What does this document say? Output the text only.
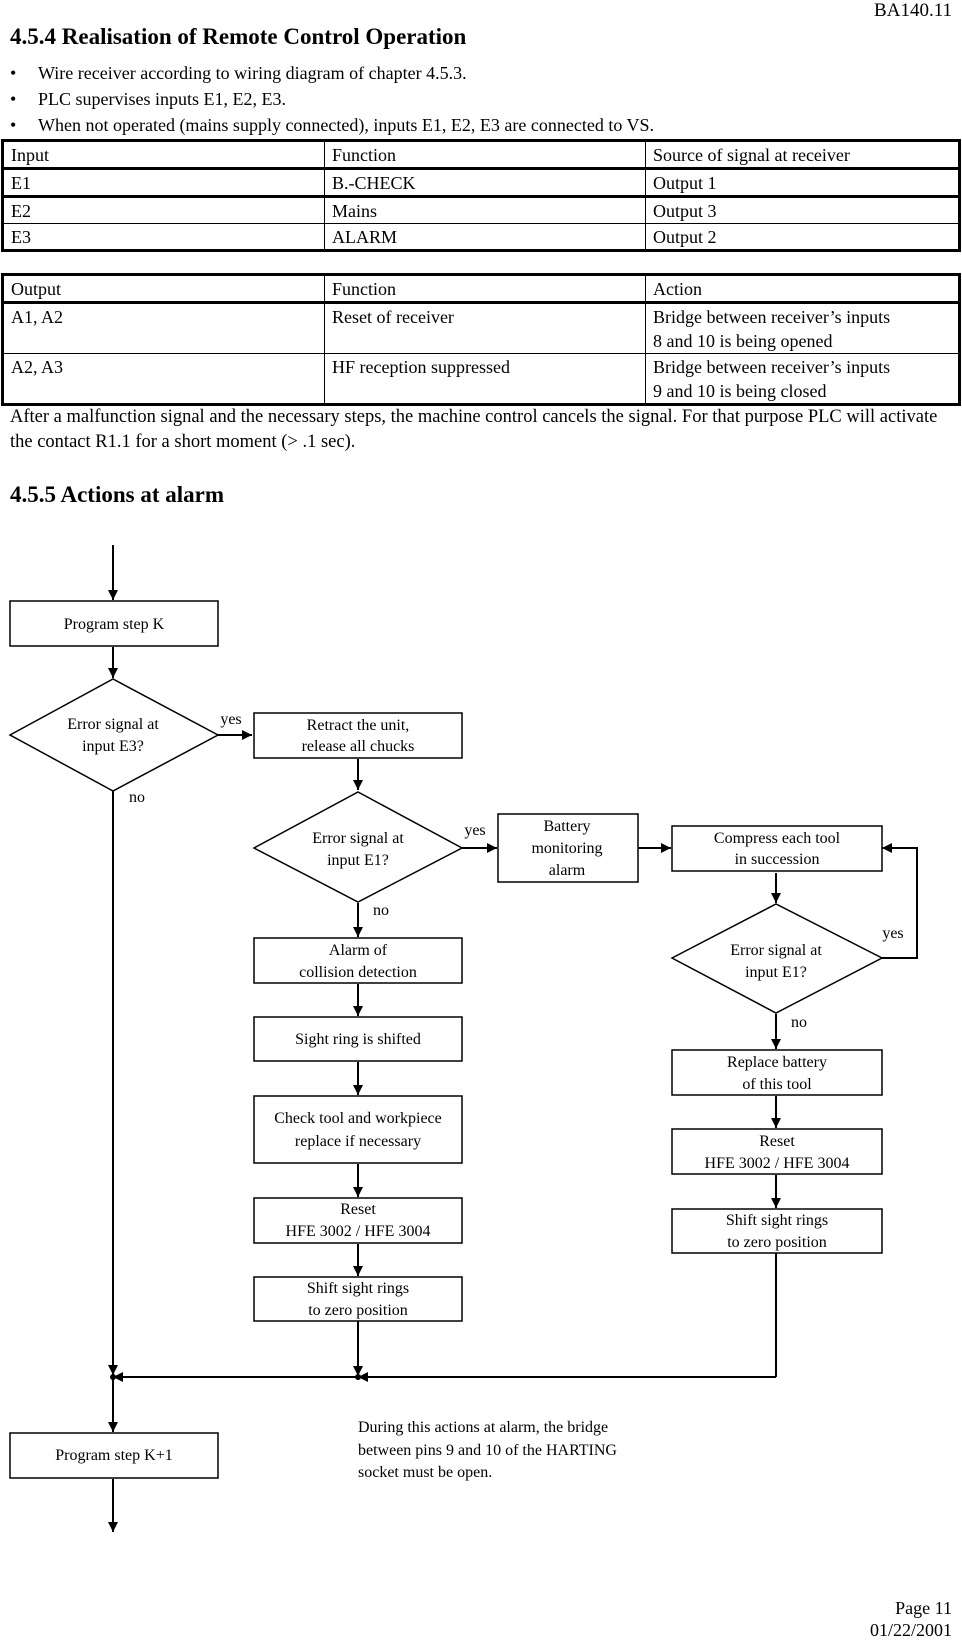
BA140.11
4.5.4 Realisation of Remote Control Operation
• Wire receiver according to wiring diagram of chapter 4.5.3.
• PLC supervises inputs E1, E2, E3.
• When not operated (mains supply connected), inputs E1, E2, E3 are connected to VS.
Input	Function	Source of signal at receiver
E1	B.-CHECK	Output 1
E2	Mains	Output 3
E3	ALARM	Output 2
Output	Function	Action
A1, A2	Reset of receiver	Bridge between receiver’s inputs
8 and 10 is being opened

A2, A3	HF reception suppressed	Bridge between receiver’s inputs
9 and 10 is being closed
After a malfunction signal and the necessary steps, the machine control cancels the signal. For that purpose PLC will activate the contact R1.1 for a short moment (> .1 sec).
4.5.5 Actions at alarm
Program step K
Error signal at
input E3?
yes
no
Retract the unit,
release all chucks
Error signal at
input E1?
yes
no
Battery
monitoring
alarm
Compress each tool
in succession
Error signal at
input E1?
yes
no
Replace battery
of this tool
Reset
HFE 3002 / HFE 3004
Shift sight rings
to zero position
Alarm of
collision detection
Sight ring is shifted
Check tool and workpiece
replace if necessary
Reset
HFE 3002 / HFE 3004
Shift sight rings
to zero position
Program step K+1
During this actions at alarm, the bridge
between pins 9 and 10 of the HARTING
socket must be open.
Page 11
01/22/2001
